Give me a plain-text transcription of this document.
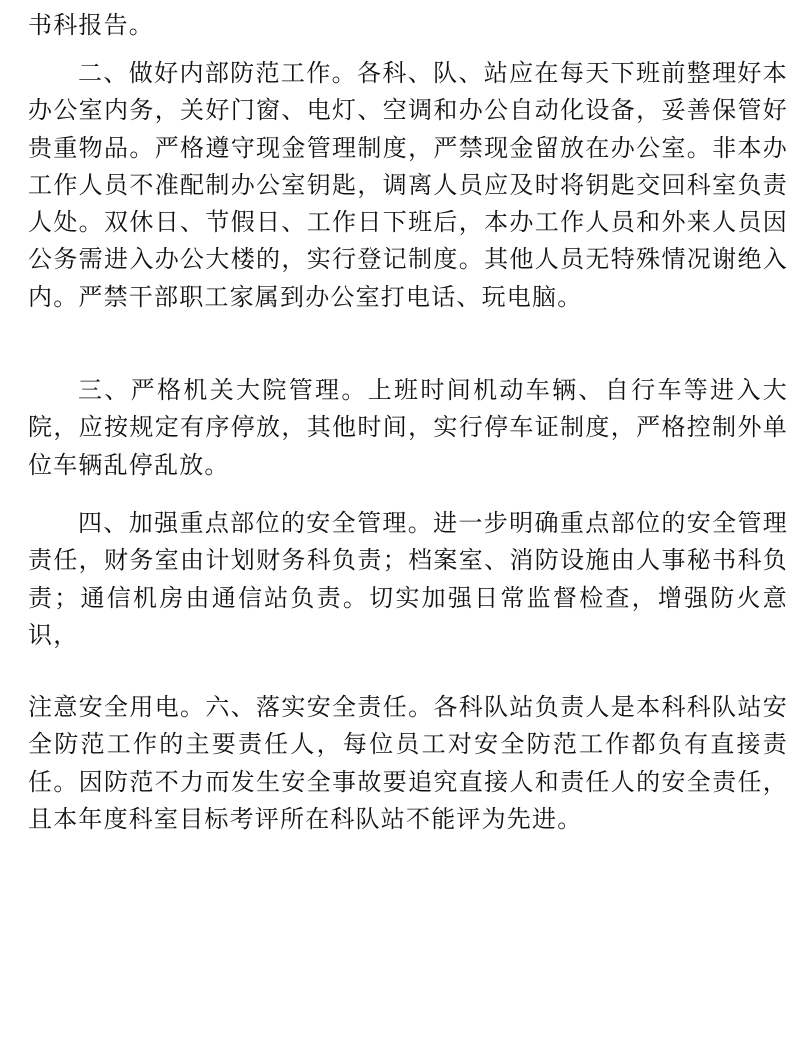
书科报告。
二、做好内部防范工作。各科、队、站应在每天下班前整理好本办公室内务，关好门窗、电灯、空调和办公自动化设备，妥善保管好贵重物品。严格遵守现金管理制度，严禁现金留放在办公室。非本办工作人员不准配制办公室钥匙，调离人员应及时将钥匙交回科室负责人处。双休日、节假日、工作日下班后，本办工作人员和外来人员因公务需进入办公大楼的，实行登记制度。其他人员无特殊情况谢绝入内。严禁干部职工家属到办公室打电话、玩电脑。
三、严格机关大院管理。上班时间机动车辆、自行车等进入大院，应按规定有序停放，其他时间，实行停车证制度，严格控制外单位车辆乱停乱放。
四、加强重点部位的安全管理。进一步明确重点部位的安全管理责任，财务室由计划财务科负责；档案室、消防设施由人事秘书科负责；通信机房由通信站负责。切实加强日常监督检查，增强防火意识，
注意安全用电。六、落实安全责任。各科队站负责人是本科科队站安全防范工作的主要责任人，每位员工对安全防范工作都负有直接责任。因防范不力而发生安全事故要追究直接人和责任人的安全责任，且本年度科室目标考评所在科队站不能评为先进。
